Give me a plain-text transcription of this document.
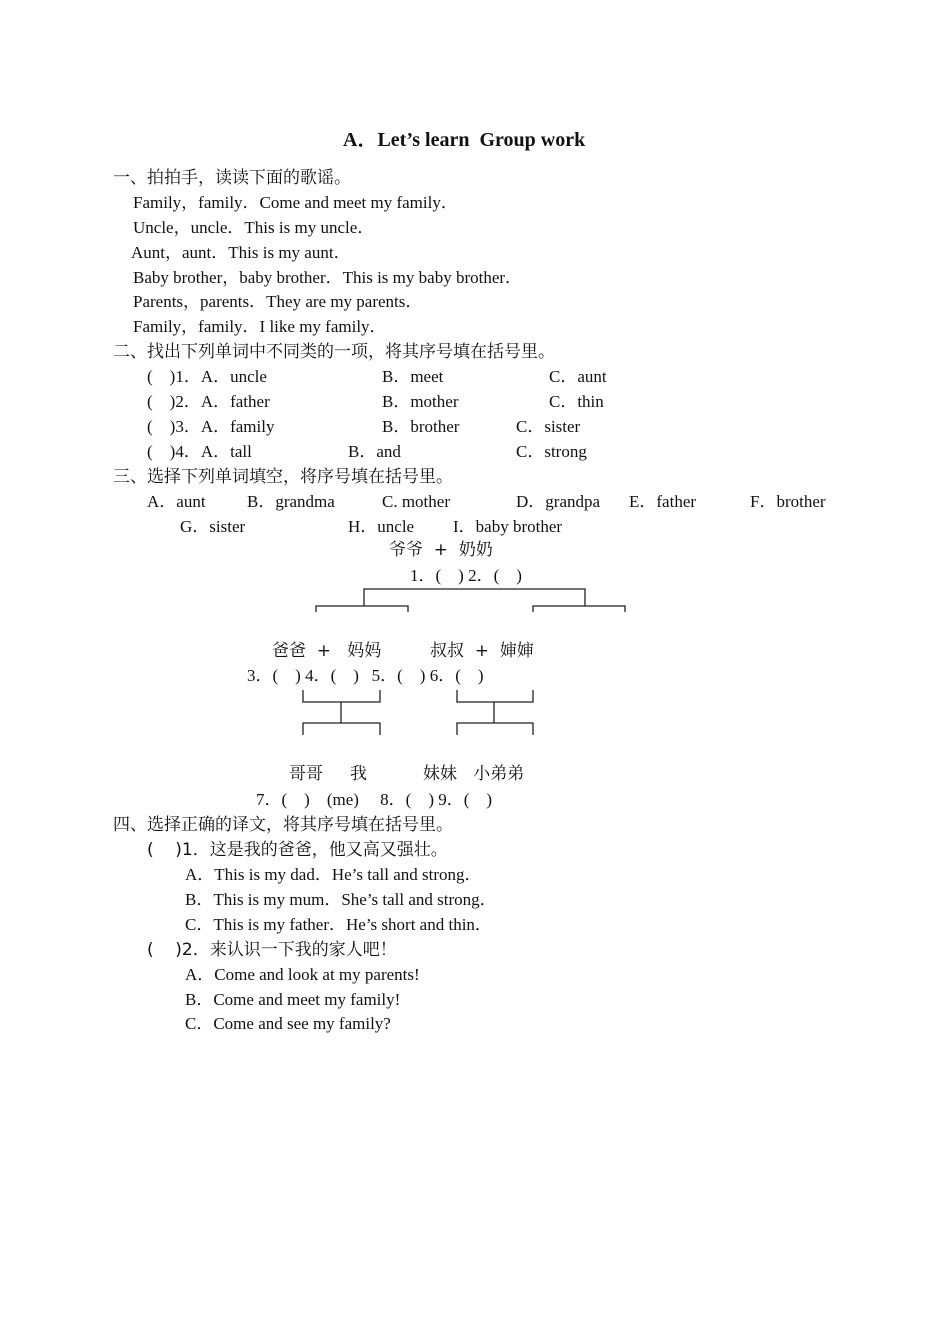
A．Let’s learn  Group work
一、拍拍手，读读下面的歌谣。
Family，family．Come and meet my family．
Uncle，uncle．This is my uncle．
Aunt，aunt．This is my aunt．
Baby brother，baby brother．This is my baby brother．
Parents，parents．They are my parents．
Family，family．I like my family．
二、找出下列单词中不同类的一项，将其序号填在括号里。
(    )1．A．uncle	B．meet	C．aunt
(    )2．A．father	B．mother	C．thin
(    )3．A．family	B．brother	C．sister
(    )4．A．tall	B．and	C．strong
三、选择下列单词填空，将序号填在括号里。
A．aunt B．grandma	C. mother	D．grandpa E．father	F．brother
G．sister	H．uncle I．baby brother
爷爷  +  奶奶
1．(    ) 2．(    )
爸爸  +   妈妈	叔叔  +  婶婶
3．(    ) 4．(    )   5．(    ) 6．(    )
哥哥     我	妹妹   小弟弟
7．(    )    (me)     8．(    ) 9．(    )
四、选择正确的译文，将其序号填在括号里。
(    )1．这是我的爸爸，他又高又强壮。
A．This is my dad．He’s tall and strong．
B．This is my mum．She’s tall and strong．
C．This is my father．He’s short and thin．
(    )2．来认识一下我的家人吧！
A．Come and look at my parents!
B．Come and meet my family!
C．Come and see my family?
